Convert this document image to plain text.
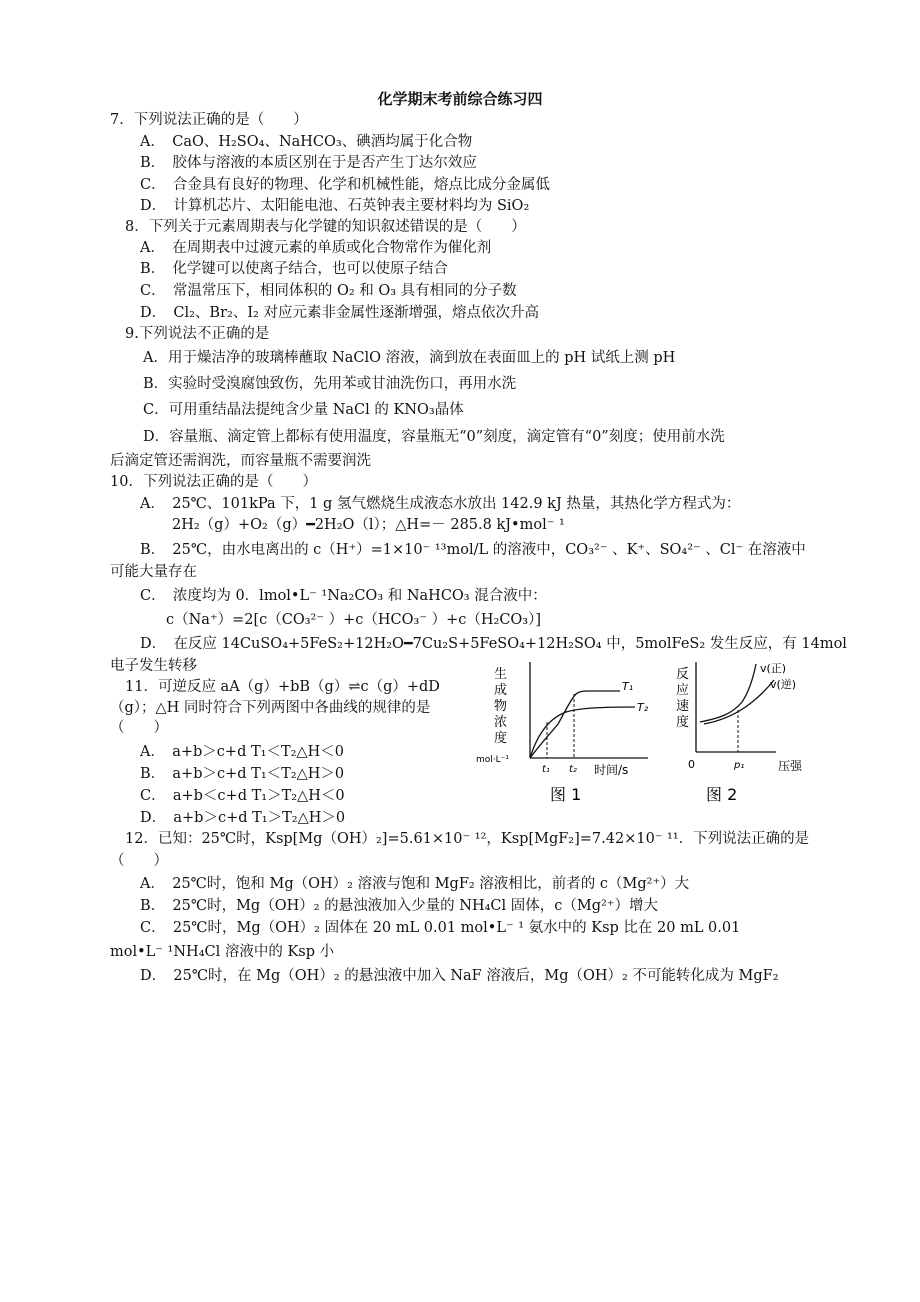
化学期末考前综合练习四
7．下列说法正确的是（　　）
A．　CaO、H₂SO₄、NaHCO₃、碘酒均属于化合物
B．　胶体与溶液的本质区别在于是否产生丁达尔效应
C．　合金具有良好的物理、化学和机械性能，熔点比成分金属低
D．　计算机芯片、太阳能电池、石英钟表主要材料均为 SiO₂
8．下列关于元素周期表与化学键的知识叙述错误的是（　　）
A．　在周期表中过渡元素的单质或化合物常作为催化剂
B．　化学键可以使离子结合，也可以使原子结合
C．　常温常压下，相同体积的 O₂ 和 O₃ 具有相同的分子数
D．　Cl₂、Br₂、I₂ 对应元素非金属性逐渐增强，熔点依次升高
9.下列说法不正确的是
A．用于燥洁净的玻璃棒蘸取 NaClO 溶液，滴到放在表面皿上的 pH 试纸上测 pH
B．实验时受溴腐蚀致伤，先用苯或甘油洗伤口，再用水洗
C．可用重结晶法提纯含少量 NaCl 的 KNO₃晶体
D．容量瓶、滴定管上都标有使用温度，容量瓶无“0”刻度，滴定管有“0”刻度；使用前水洗
后滴定管还需润洗，而容量瓶不需要润洗
10．下列说法正确的是（　　）
A．　25℃、101kPa 下，1 g 氢气燃烧生成液态水放出 142.9 kJ 热量，其热化学方程式为：
2H₂（g）+O₂（g）━2H₂O（l）；△H=－ 285.8 kJ•mol⁻ ¹
B．　25℃，由水电离出的 c（H⁺）=1×10⁻ ¹³mol/L 的溶液中，CO₃²⁻ 、K⁺、SO₄²⁻ 、Cl⁻ 在溶液中
可能大量存在
C．　浓度均为 0．lmol•L⁻ ¹Na₂CO₃ 和 NaHCO₃ 混合液中：
c（Na⁺）=2[c（CO₃²⁻ ）+c（HCO₃⁻ ）+c（H₂CO₃）]
D．　在反应 14CuSO₄+5FeS₂+12H₂O━7Cu₂S+5FeSO₄+12H₂SO₄ 中，5molFeS₂ 发生反应，有 14mol
电子发生转移
11．可逆反应 aA（g）+bB（g）⇌c（g）+dD
（g）；△H 同时符合下列两图中各曲线的规律的是
（　　）
A．　a+b＞c+d T₁＜T₂△H＜0
B．　a+b＞c+d T₁＜T₂△H＞0
C．　a+b＜c+d T₁＞T₂△H＜0
D．　a+b＞c+d T₁＞T₂△H＞0
生
成
物
浓
度
mol·L⁻¹
T₁
T₂
t₁ t₂ 时间/s
图 1
反
应
速
度
v(正)
v(逆)
0	p₁	压强
图 2
12．已知：25℃时，Ksp[Mg（OH）₂]=5.61×10⁻ ¹²，Ksp[MgF₂]=7.42×10⁻ ¹¹．下列说法正确的是
（　　）
A．　25℃时，饱和 Mg（OH）₂ 溶液与饱和 MgF₂ 溶液相比，前者的 c（Mg²⁺）大
B．　25℃时，Mg（OH）₂ 的悬浊液加入少量的 NH₄Cl 固体，c（Mg²⁺）增大
C．　25℃时，Mg（OH）₂ 固体在 20 mL 0.01 mol•L⁻ ¹ 氨水中的 Ksp 比在 20 mL 0.01
mol•L⁻ ¹NH₄Cl 溶液中的 Ksp 小
D．　25℃时，在 Mg（OH）₂ 的悬浊液中加入 NaF 溶液后，Mg（OH）₂ 不可能转化成为 MgF₂
